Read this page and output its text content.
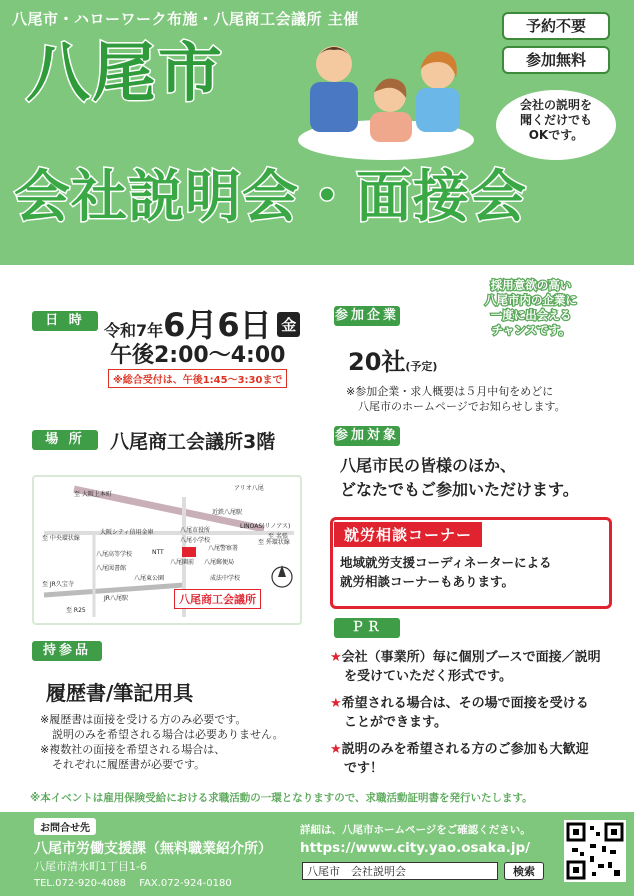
八尾市・ハローワーク布施・八尾商工会議所 主催	予約不要
参加無料
八尾市	会社の説明を
聞くだけでも
OKです。
会社説明会・面接会
日 時
令和7年6月6日 金
午後2:00～4:00
※総合受付は、午後1:45～3:30まで
場 所	八尾商工会議所3階
至 大阪上本町
アリオ八尾
近鉄八尾駅
LINOAS(リノアス)
至 名張
八尾市役所
八尾小学校
至 中央環状線
大阪シティ信用金庫
至 外環状線
八尾警察署
NTT
八尾郵便局
八尾高等学校
成法中学校
八尾図書館
八尾園前
八尾東公園
至 JR久宝寺
JR八尾駅
至 R25
八尾商工会議所
持参品
履歴書/筆記用具
※履歴書は面接を受ける方のみ必要です。
説明のみを希望される場合は必要ありません。
※複数社の面接を希望される場合は、
それぞれに履歴書が必要です。
参加企業
採用意欲の高い
八尾市内の企業に
一度に出会える
チャンスです。
20社(予定)
※参加企業・求人概要は５月中旬をめどに
八尾市のホームページでお知らせします。
参加対象
八尾市民の皆様のほか、
どなたでもご参加いただけます。
就労相談コーナー
地域就労支援コーディネーターによる
就労相談コーナーもあります。
ＰＲ
★会社（事業所）毎に個別ブースで面接／説明
を受けていただく形式です。
★希望される場合は、その場で面接を受ける
ことができます。
★説明のみを希望される方のご参加も大歓迎
です！
※本イベントは雇用保険受給における求職活動の一環となりますので、求職活動証明書を発行いたします。
お問合せ先
八尾市労働支援課（無料職業紹介所）
八尾市清水町1丁目1-6
TEL.072-920-4088　 FAX.072-924-0180
詳細は、八尾市ホームページをご確認ください。
https://www.city.yao.osaka.jp/
八尾市　会社説明会	検索
